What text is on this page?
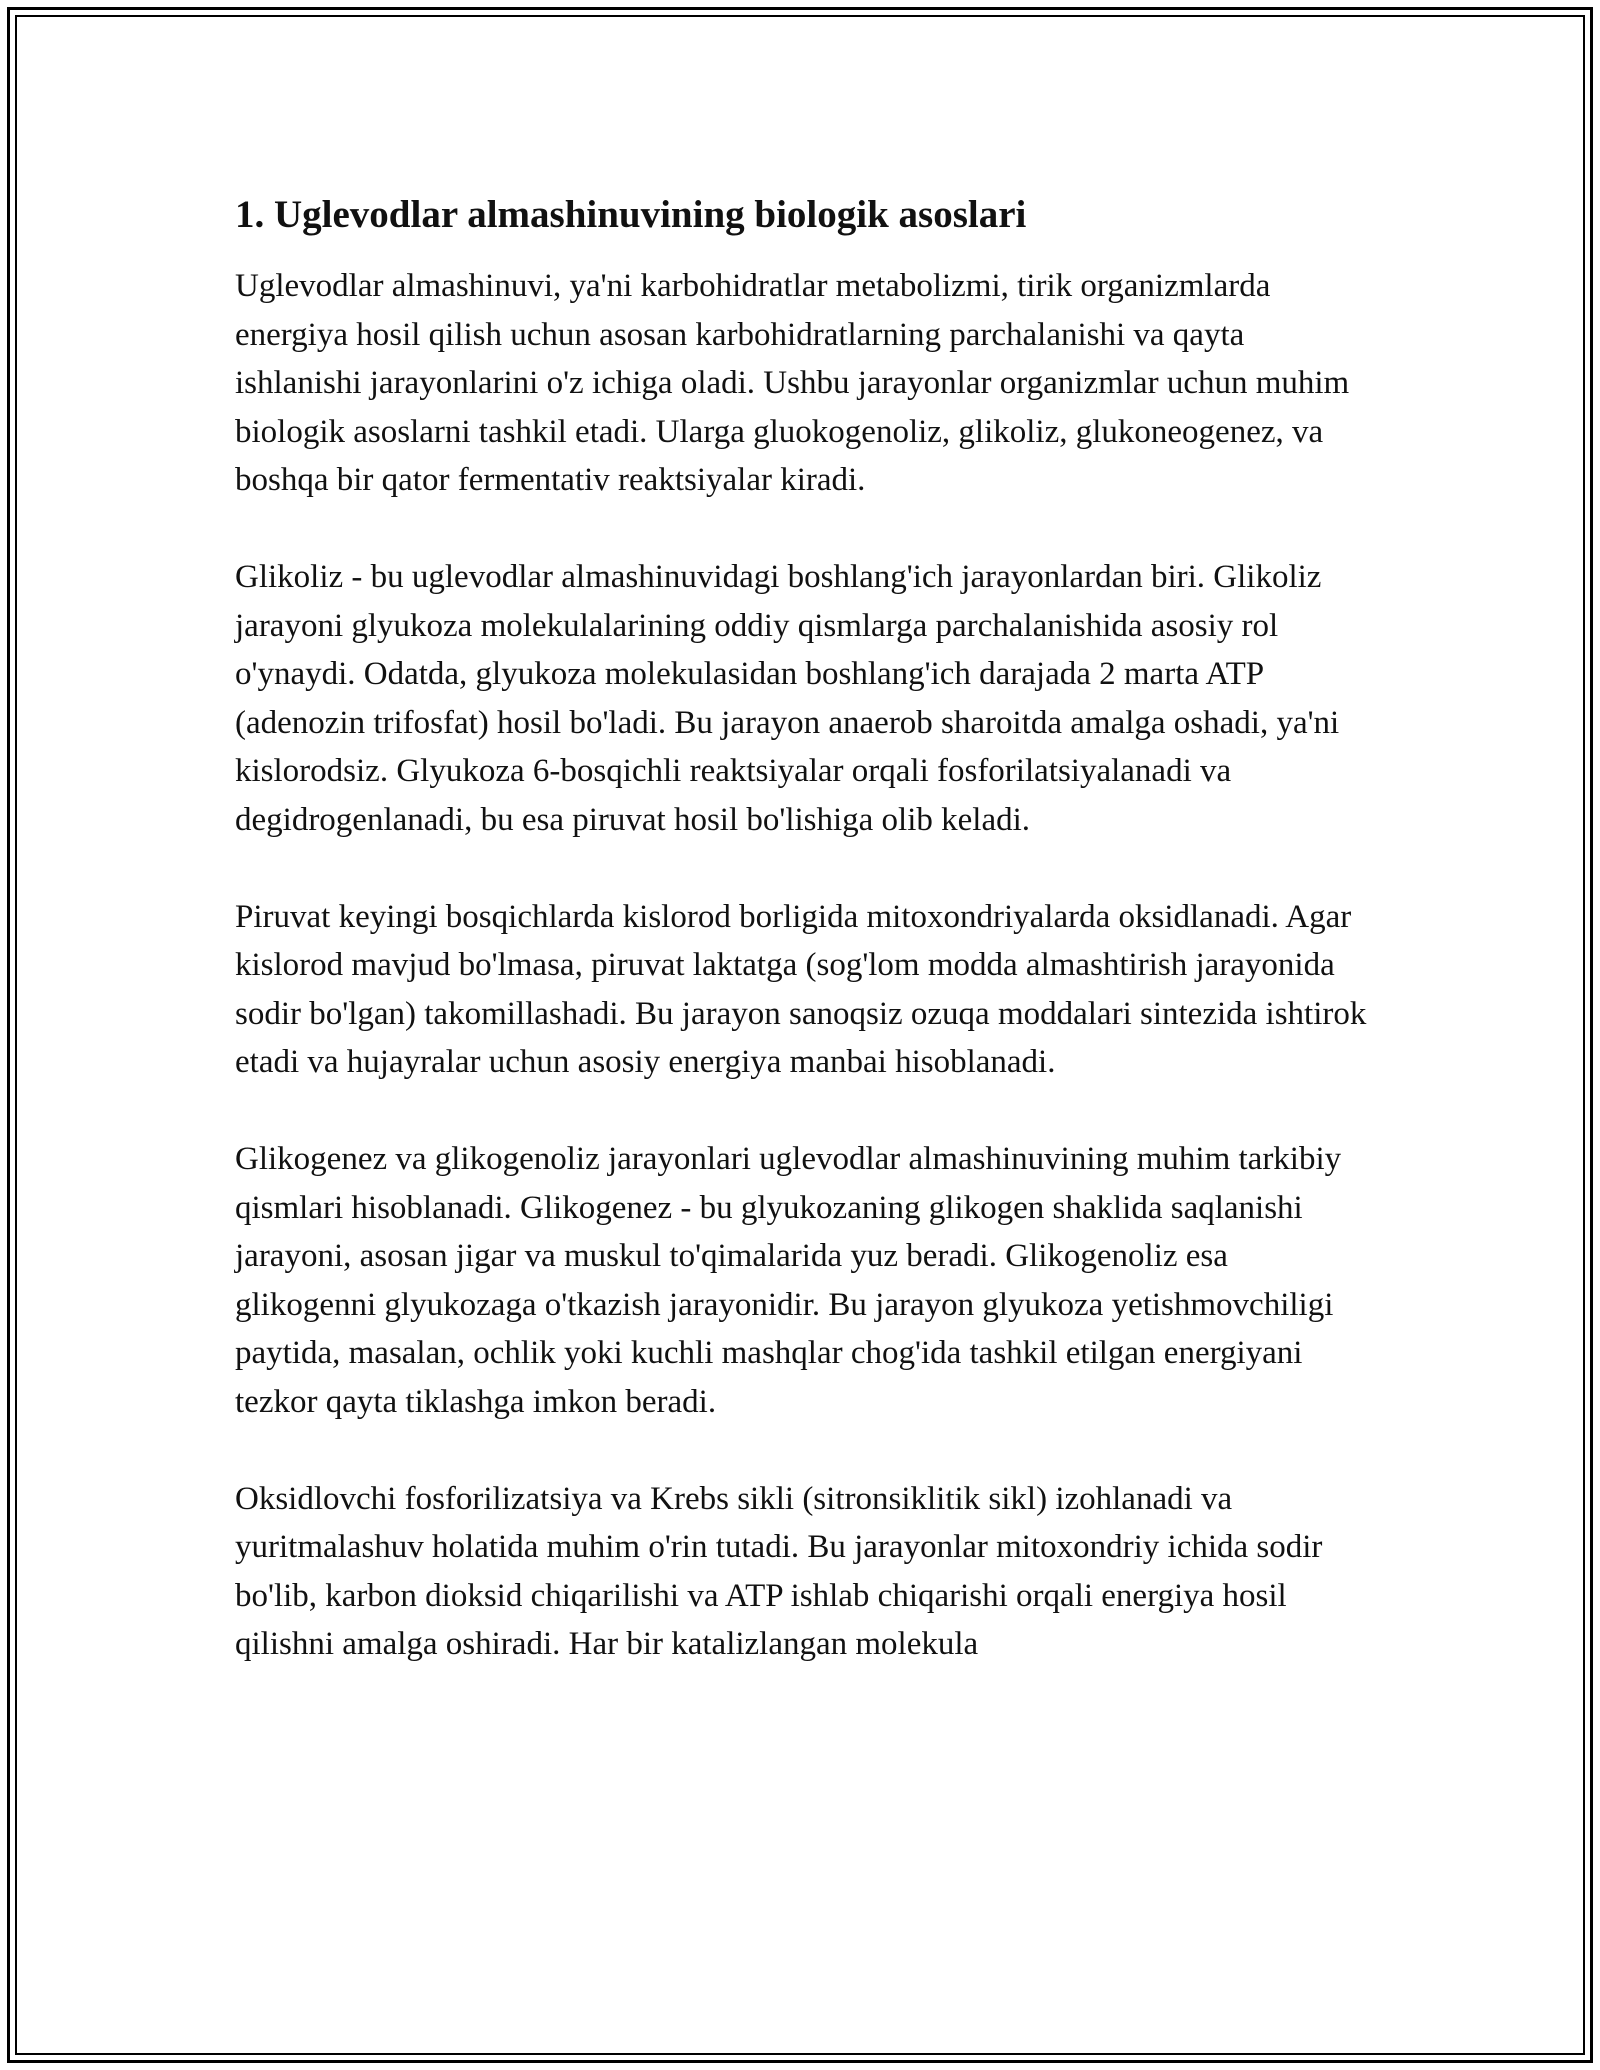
1. Uglevodlar almashinuvining biologik asoslari

Uglevodlar almashinuvi, ya'ni karbohidratlar metabolizmi, tirik organizmlarda energiya hosil qilish uchun asosan karbohidratlarning parchalanishi va qayta ishlanishi jarayonlarini o'z ichiga oladi. Ushbu jarayonlar organizmlar uchun muhim biologik asoslarni tashkil etadi. Ularga gluokogenoliz, glikoliz, glukoneogenez, va boshqa bir qator fermentativ reaktsiyalar kiradi.

Glikoliz - bu uglevodlar almashinuvidagi boshlang'ich jarayonlardan biri. Glikoliz jarayoni glyukoza molekulalarining oddiy qismlarga parchalanishida asosiy rol o'ynaydi. Odatda, glyukoza molekulasidan boshlang'ich darajada 2 marta ATP (adenozin trifosfat) hosil bo'ladi. Bu jarayon anaerob sharoitda amalga oshadi, ya'ni kislorodsiz. Glyukoza 6-bosqichli reaktsiyalar orqali fosforilatsiyalanadi va degidrogenlanadi, bu esa piruvat hosil bo'lishiga olib keladi.

Piruvat keyingi bosqichlarda kislorod borligida mitoxondriyalarda oksidlanadi. Agar kislorod mavjud bo'lmasa, piruvat laktatga (sog'lom modda almashtirish jarayonida sodir bo'lgan) takomillashadi. Bu jarayon sanoqsiz ozuqa moddalari sintezida ishtirok etadi va hujayralar uchun asosiy energiya manbai hisoblanadi.

Glikogenez va glikogenoliz jarayonlari uglevodlar almashinuvining muhim tarkibiy qismlari hisoblanadi. Glikogenez - bu glyukozaning glikogen shaklida saqlanishi jarayoni, asosan jigar va muskul to'qimalarida yuz beradi. Glikogenoliz esa glikogenni glyukozaga o'tkazish jarayonidir. Bu jarayon glyukoza yetishmovchiligi paytida, masalan, ochlik yoki kuchli mashqlar chog'ida tashkil etilgan energiyani tezkor qayta tiklashga imkon beradi.

Oksidlovchi fosforilizatsiya va Krebs sikli (sitronsiklitik sikl) izohlanadi va yuritmalashuv holatida muhim o'rin tutadi. Bu jarayonlar mitoxondriy ichida sodir bo'lib, karbon dioksid chiqarilishi va ATP ishlab chiqarishi orqali energiya hosil qilishni amalga oshiradi. Har bir katalizlangan molekula
